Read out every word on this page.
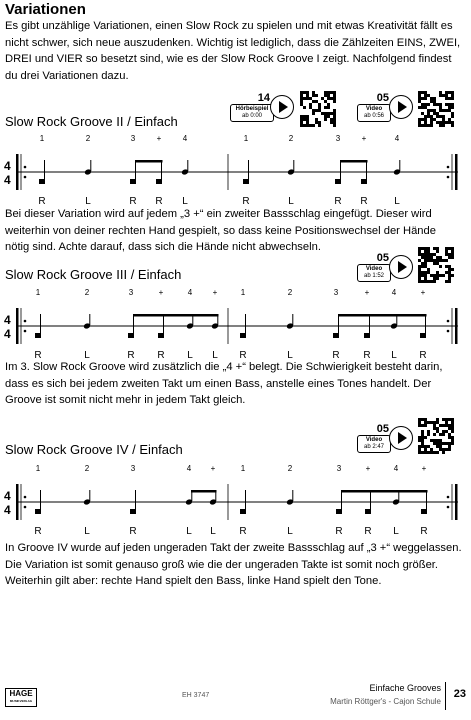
Variationen

Es gibt unzählige Variationen, einen Slow Rock zu spielen und mit etwas Kreativität fällt es nicht schwer, sich neue auszudenken. Wichtig ist lediglich, dass die Zählzeiten EINS, ZWEI, DREI und VIER so besetzt sind, wie es der Slow Rock Groove I zeigt. Nachfolgend findest du drei Variationen dazu.

Slow Rock Groove II / Einfach
14
Hörbeispiel
ab 0:00
05
Video
ab 0:56
4
4
1
R
2
L
3
R
+
R
4
L
1
R
2
L
3
R
+
R
4
L

Bei dieser Variation wird auf jedem „3 +“ ein zweiter Bassschlag eingefügt. Dieser wird weiterhin von deiner rechten Hand gespielt, so dass keine Positionswechsel der Hände nötig sind. Achte darauf, dass sich die Hände nicht abwechseln.

Slow Rock Groove III / Einfach
05
Video
ab 1:52
4
4
1
R
2
L
3
R
+
R
4
L
+
L
1
R
2
L
3
R
+
R
4
L
+
R

Im 3. Slow Rock Groove wird zusätzlich die „4 +“ belegt. Die Schwierigkeit besteht darin, dass es sich bei jedem zweiten Takt um einen Bass, anstelle eines Tones handelt. Der Groove ist somit nicht mehr in jedem Takt gleich.

Slow Rock Groove IV / Einfach
05
Video
ab 2:47
4
4
1
R
2
L
3
R
4
L
+
L
1
R
2
L
3
R
+
R
4
L
+
R

In Groove IV wurde auf jeden ungeraden Takt der zweite Bassschlag auf „3 +“ weggelassen. Die Variation ist somit genauso groß wie die der ungeraden Takte ist somit noch größer. Weiterhin gilt aber: rechte Hand spielt den Bass, linke Hand spielt den Tone.

HAGE
MUSIKVERLAG
EH 3747
Einfache Grooves
Martin Röttger's - Cajon Schule
23
